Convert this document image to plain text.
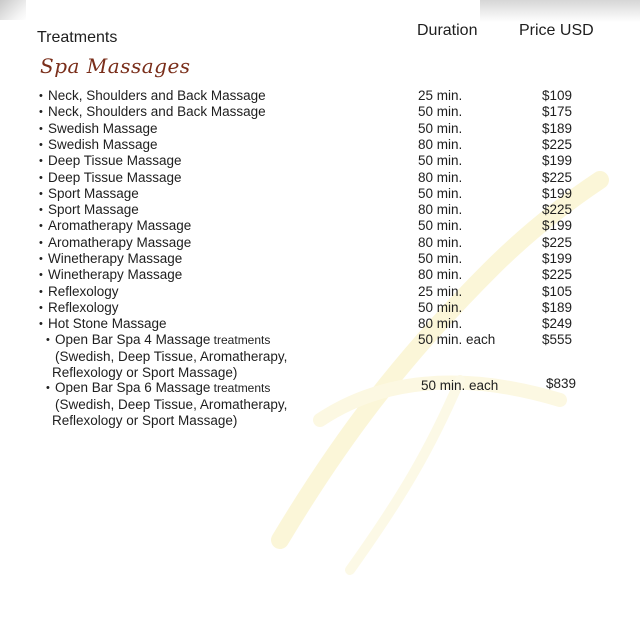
Treatments	Duration	Price USD
Spa Massages
• Neck, Shoulders and Back Massage	25 min.	$109
• Neck, Shoulders and Back Massage	50 min.	$175
• Swedish Massage	50 min.	$189
• Swedish Massage	80 min.	$225
• Deep Tissue Massage	50 min.	$199
• Deep Tissue Massage	80 min.	$225
• Sport Massage	50 min.	$199
• Sport Massage	80 min.	$225
• Aromatherapy Massage	50 min.	$199
• Aromatherapy Massage	80 min.	$225
• Winetherapy Massage	50 min.	$199
• Winetherapy Massage	80 min.	$225
• Reflexology	25 min.	$105
• Reflexology	50 min.	$189
• Hot Stone Massage	80 min.	$249
• Open Bar Spa 4 Massage treatments	50 min. each	$555
(Swedish, Deep Tissue, Aromatherapy,
Reflexology or Sport Massage)
• Open Bar Spa 6 Massage treatments	50 min. each	$839
(Swedish, Deep Tissue, Aromatherapy,
Reflexology or Sport Massage)
